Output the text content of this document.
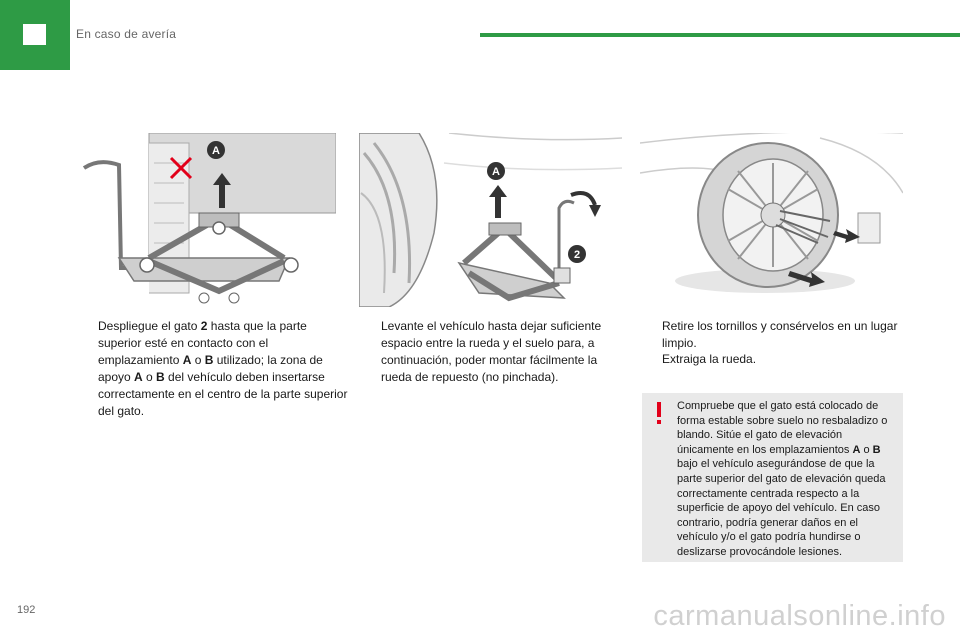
En caso de avería
A
A
2
Despliegue el gato 2 hasta que la parte superior esté en contacto con el emplazamiento A o B utilizado; la zona de apoyo A o B del vehículo deben insertarse correctamente en el centro de la parte superior del gato.
Levante el vehículo hasta dejar suficiente espacio entre la rueda y el suelo para, a continuación, poder montar fácilmente la rueda de repuesto (no pinchada).
Retire los tornillos y consérvelos en un lugar limpio.
Extraiga la rueda.
Compruebe que el gato está colocado de forma estable sobre suelo no resbaladizo o blando. Sitúe el gato de elevación únicamente en los emplazamientos A o B bajo el vehículo asegurándose de que la parte superior del gato de elevación queda correctamente centrada respecto a la superficie de apoyo del vehículo. En caso contrario, podría generar daños en el vehículo y/o el gato podría hundirse o deslizarse provocándole lesiones.
192	carmanualsonline.info
